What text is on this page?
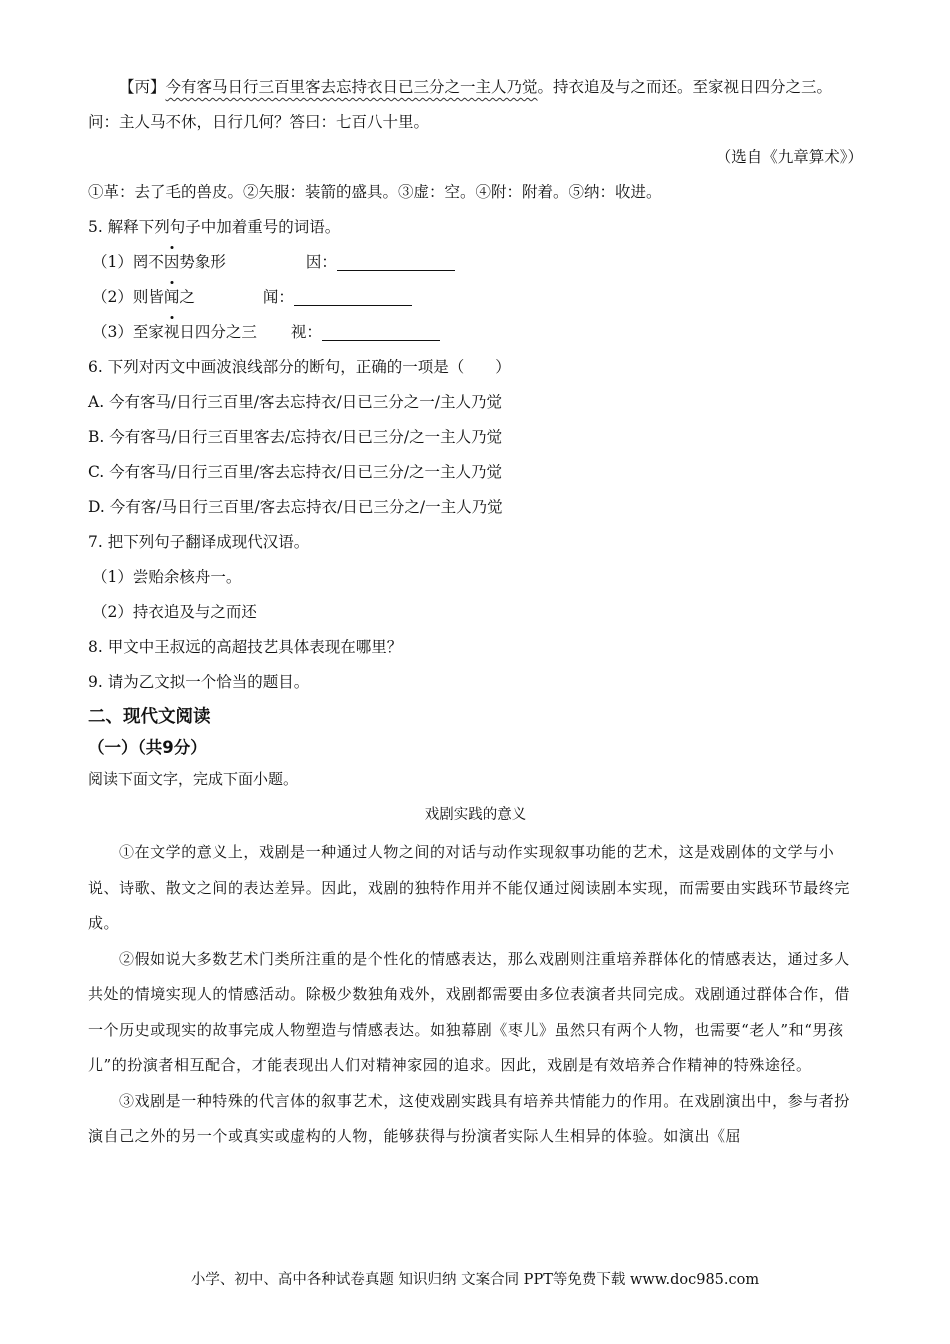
【丙】今有客马日行三百里客去忘持衣日已三分之一主人乃觉。持衣追及与之而还。至家视日四分之三。问：主人马不休，日行几何？答曰：七百八十里。

（选自《九章算术》）

①革：去了毛的兽皮。②矢服：装箭的盛具。③虚：空。④附：附着。⑤纳：收进。

5. 解释下列句子中加着重号的词语。

（1）罔不因势象形	因：

（2）则皆闻之	闻：

（3）至家视日四分之三 视：

6. 下列对丙文中画波浪线部分的断句，正确的一项是（　　）

A. 今有客马/日行三百里/客去忘持衣/日已三分之一/主人乃觉

B. 今有客马/日行三百里客去/忘持衣/日已三分/之一主人乃觉

C. 今有客马/日行三百里/客去忘持衣/日已三分/之一主人乃觉

D. 今有客/马日行三百里/客去忘持衣/日已三分之/一主人乃觉

7. 把下列句子翻译成现代汉语。

（1）尝贻余核舟一。

（2）持衣追及与之而还

8. 甲文中王叔远的高超技艺具体表现在哪里？

9. 请为乙文拟一个恰当的题目。

二、现代文阅读

（一）（共9分）

阅读下面文字，完成下面小题。

戏剧实践的意义

①在文学的意义上，戏剧是一种通过人物之间的对话与动作实现叙事功能的艺术，这是戏剧体的文学与小说、诗歌、散文之间的表达差异。因此，戏剧的独特作用并不能仅通过阅读剧本实现，而需要由实践环节最终完成。

②假如说大多数艺术门类所注重的是个性化的情感表达，那么戏剧则注重培养群体化的情感表达，通过多人共处的情境实现人的情感活动。除极少数独角戏外，戏剧都需要由多位表演者共同完成。戏剧通过群体合作，借一个历史或现实的故事完成人物塑造与情感表达。如独幕剧《枣儿》虽然只有两个人物，也需要“老人”和“男孩儿”的扮演者相互配合，才能表现出人们对精神家园的追求。因此，戏剧是有效培养合作精神的特殊途径。

③戏剧是一种特殊的代言体的叙事艺术，这使戏剧实践具有培养共情能力的作用。在戏剧演出中，参与者扮演自己之外的另一个或真实或虚构的人物，能够获得与扮演者实际人生相异的体验。如演出《屈

小学、初中、高中各种试卷真题 知识归纳 文案合同 PPT等免费下载 www.doc985.com
